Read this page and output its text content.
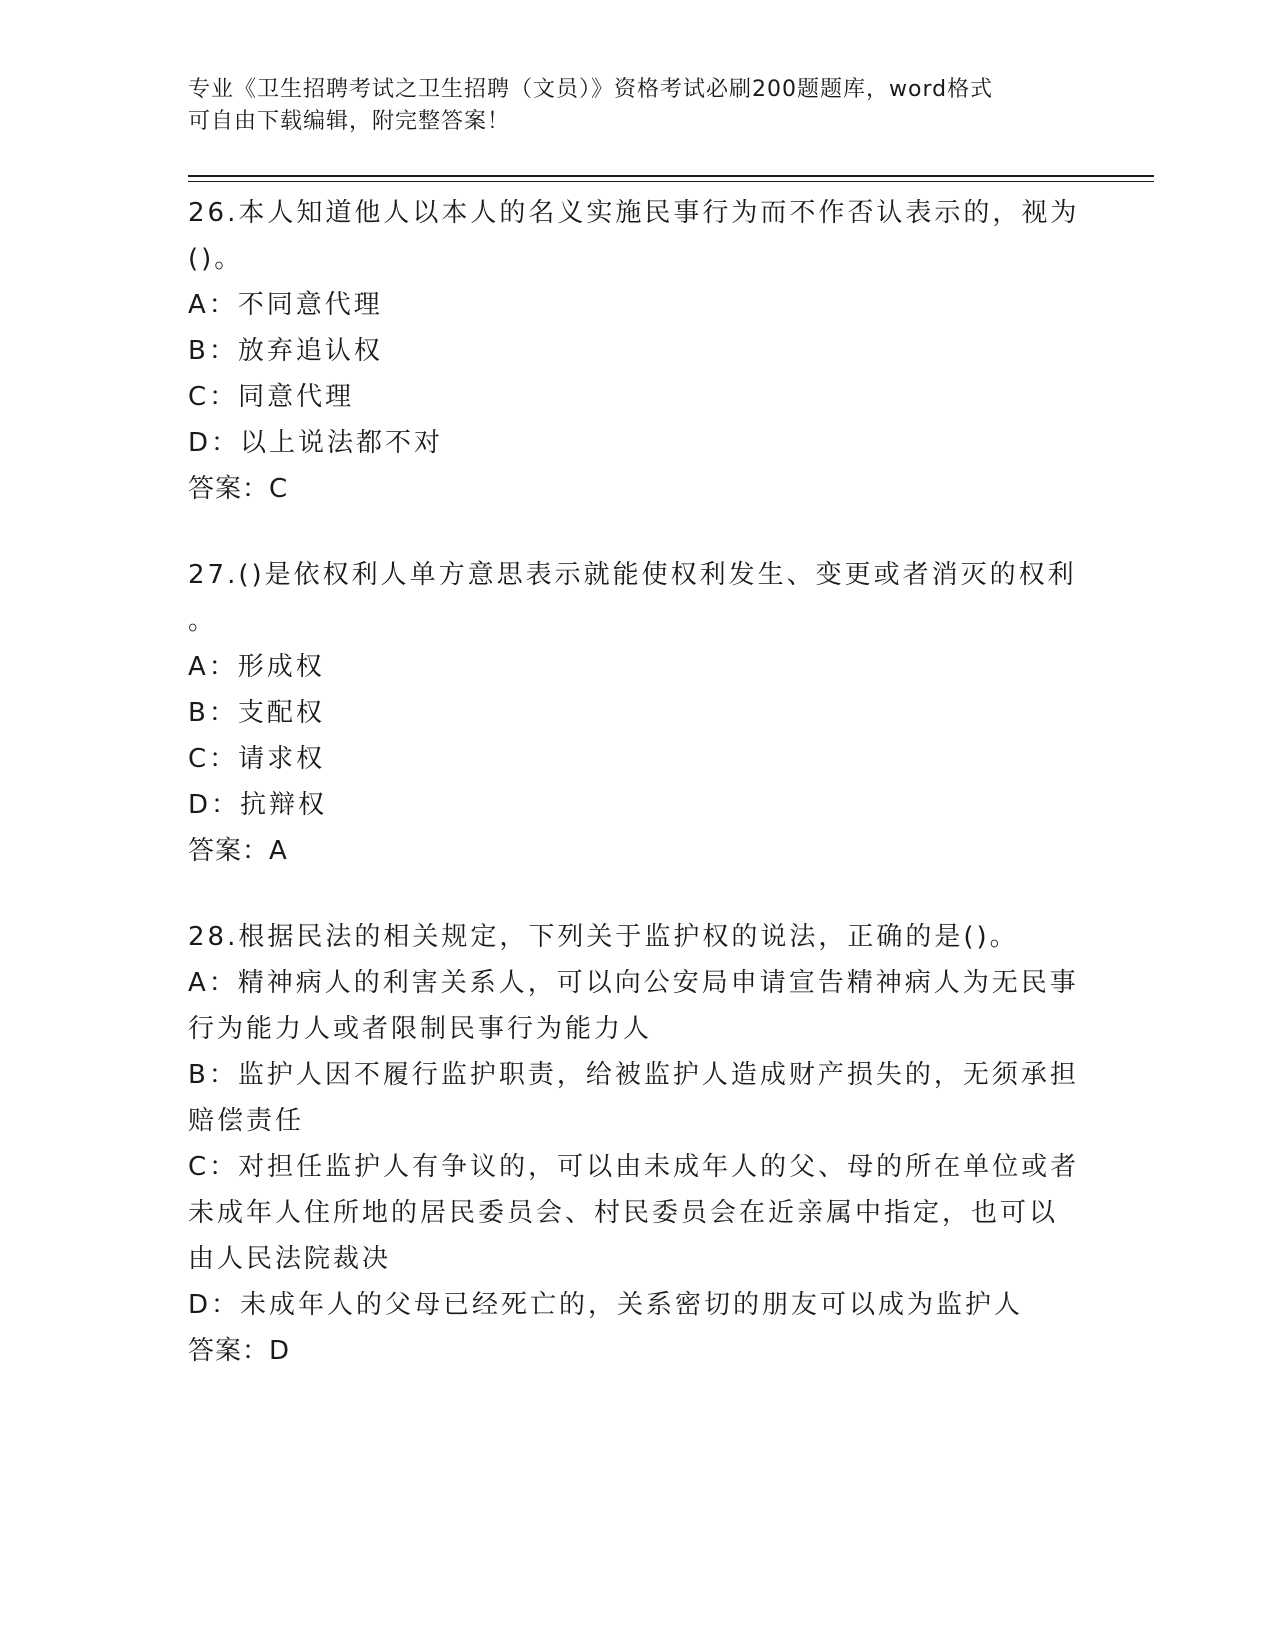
专业《卫生招聘考试之卫生招聘（文员）》资格考试必刷200题题库，word格式
可自由下载编辑，附完整答案！
26.本人知道他人以本人的名义实施民事行为而不作否认表示的，视为
()。
A：不同意代理
B：放弃追认权
C：同意代理
D：以上说法都不对
答案：C
27.()是依权利人单方意思表示就能使权利发生、变更或者消灭的权利
。
A：形成权
B：支配权
C：请求权
D：抗辩权
答案：A
28.根据民法的相关规定，下列关于监护权的说法，正确的是()。
A：精神病人的利害关系人，可以向公安局申请宣告精神病人为无民事
行为能力人或者限制民事行为能力人
B：监护人因不履行监护职责，给被监护人造成财产损失的，无须承担
赔偿责任
C：对担任监护人有争议的，可以由未成年人的父、母的所在单位或者
未成年人住所地的居民委员会、村民委员会在近亲属中指定，也可以
由人民法院裁决
D：未成年人的父母已经死亡的，关系密切的朋友可以成为监护人
答案：D
